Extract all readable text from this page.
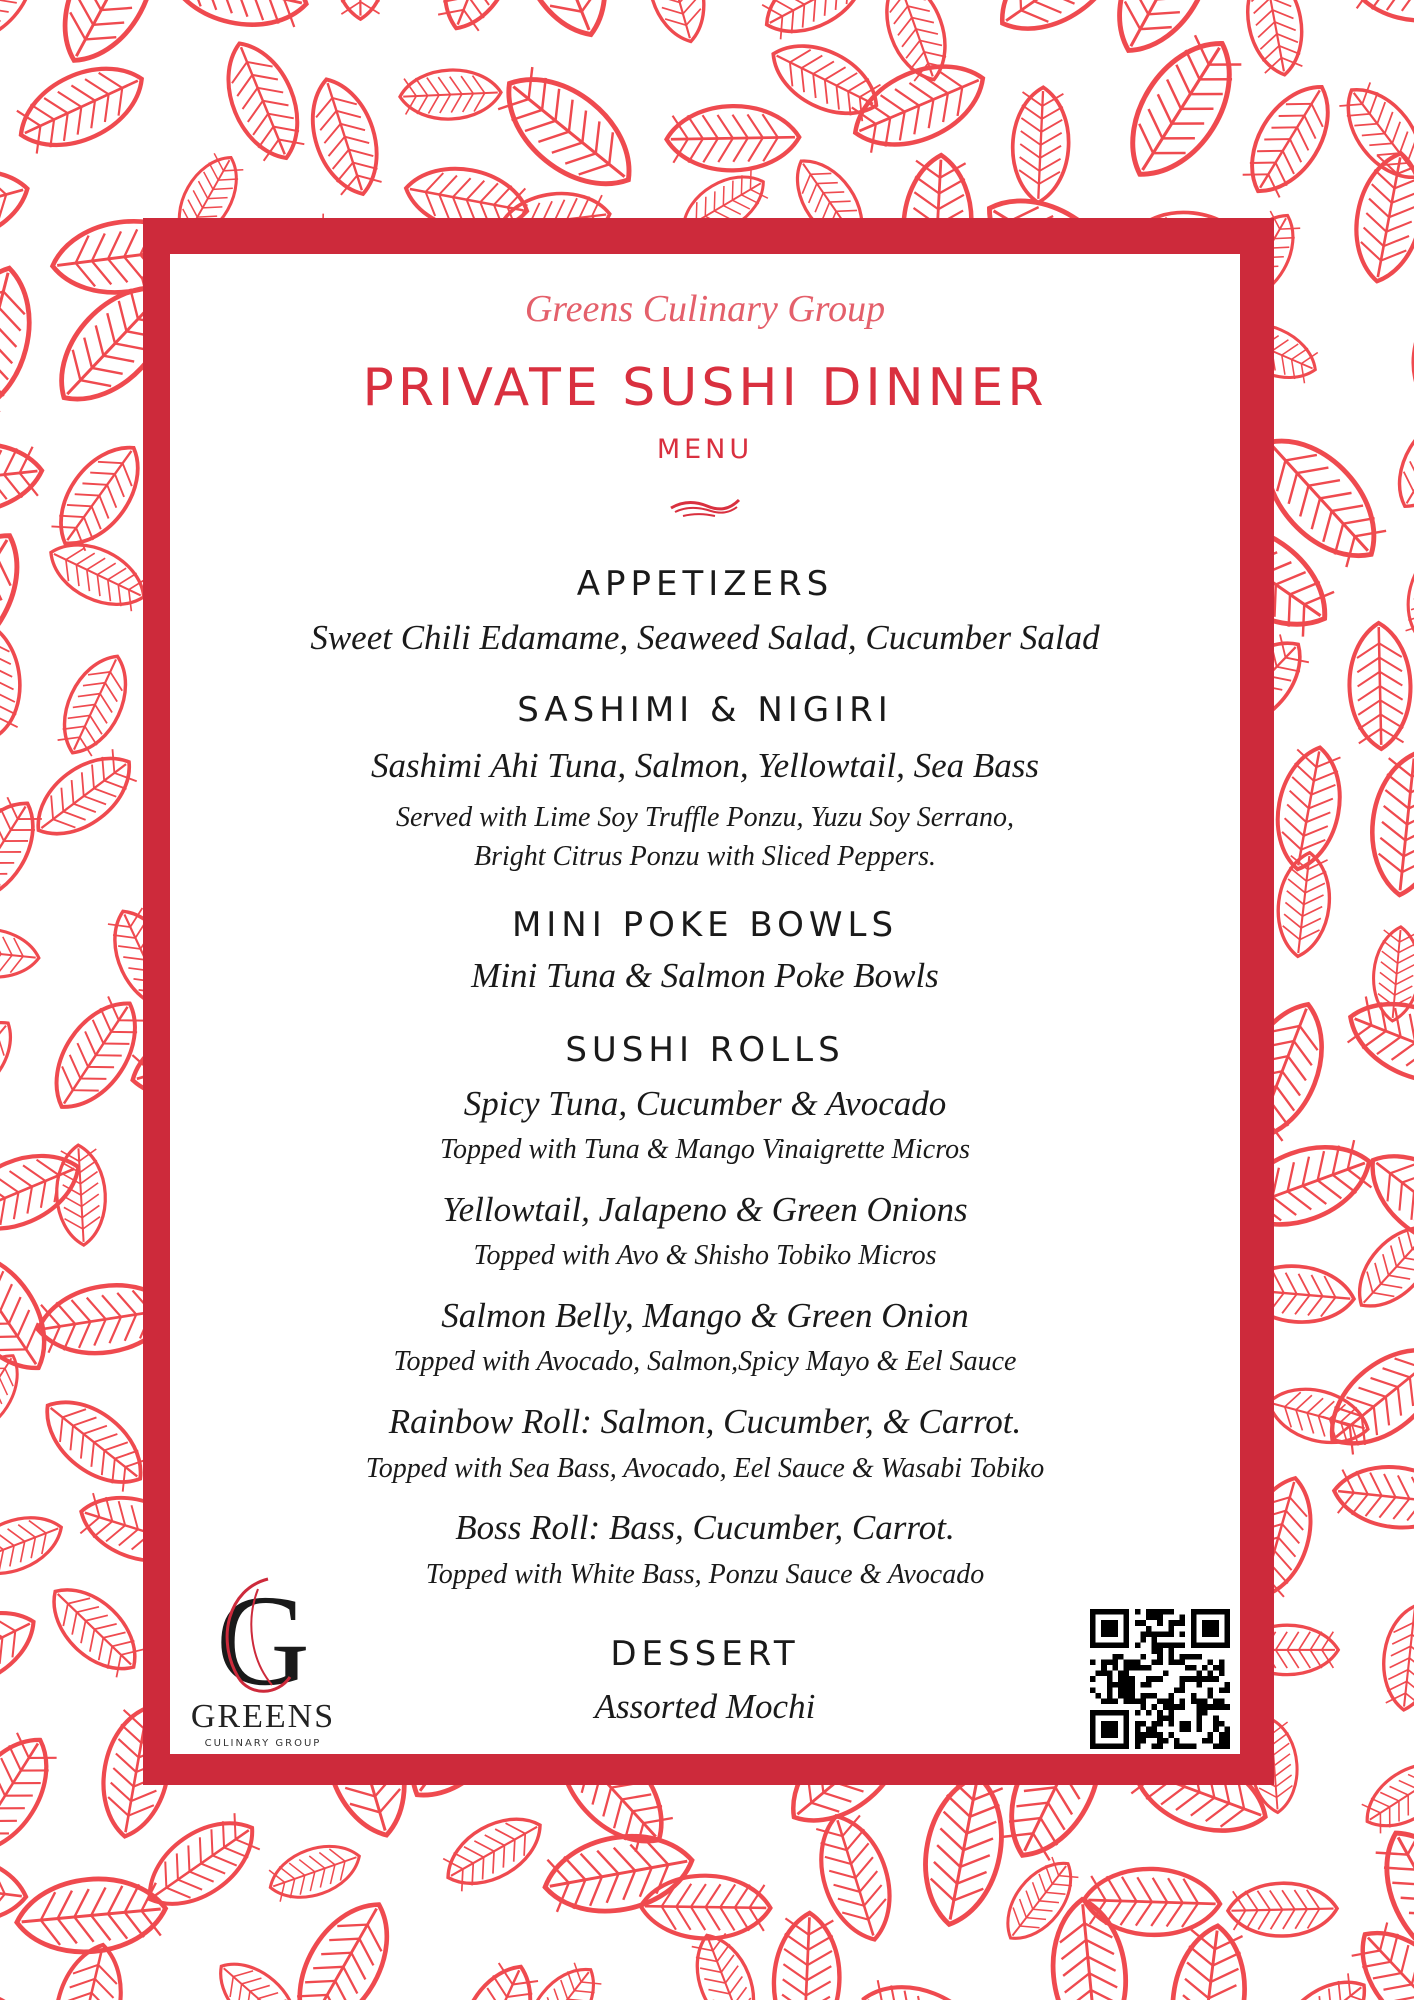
Greens Culinary Group
PRIVATE SUSHI DINNER
MENU
APPETIZERS
Sweet Chili Edamame, Seaweed Salad, Cucumber Salad
SASHIMI & NIGIRI
Sashimi Ahi Tuna, Salmon, Yellowtail, Sea Bass
Served with Lime Soy Truffle Ponzu, Yuzu Soy Serrano,
Bright Citrus Ponzu with Sliced Peppers.
MINI POKE BOWLS
Mini Tuna & Salmon Poke Bowls
SUSHI ROLLS
Spicy Tuna, Cucumber & Avocado
Topped with Tuna & Mango Vinaigrette Micros
Yellowtail, Jalapeno & Green Onions
Topped with Avo & Shisho Tobiko Micros
Salmon Belly, Mango & Green Onion
Topped with Avocado, Salmon,Spicy Mayo & Eel Sauce
Rainbow Roll: Salmon, Cucumber, & Carrot.
Topped with Sea Bass, Avocado, Eel Sauce & Wasabi Tobiko
Boss Roll: Bass, Cucumber, Carrot.
Topped with White Bass, Ponzu Sauce & Avocado
DESSERT
Assorted Mochi
G
GREENS
CULINARY GROUP
